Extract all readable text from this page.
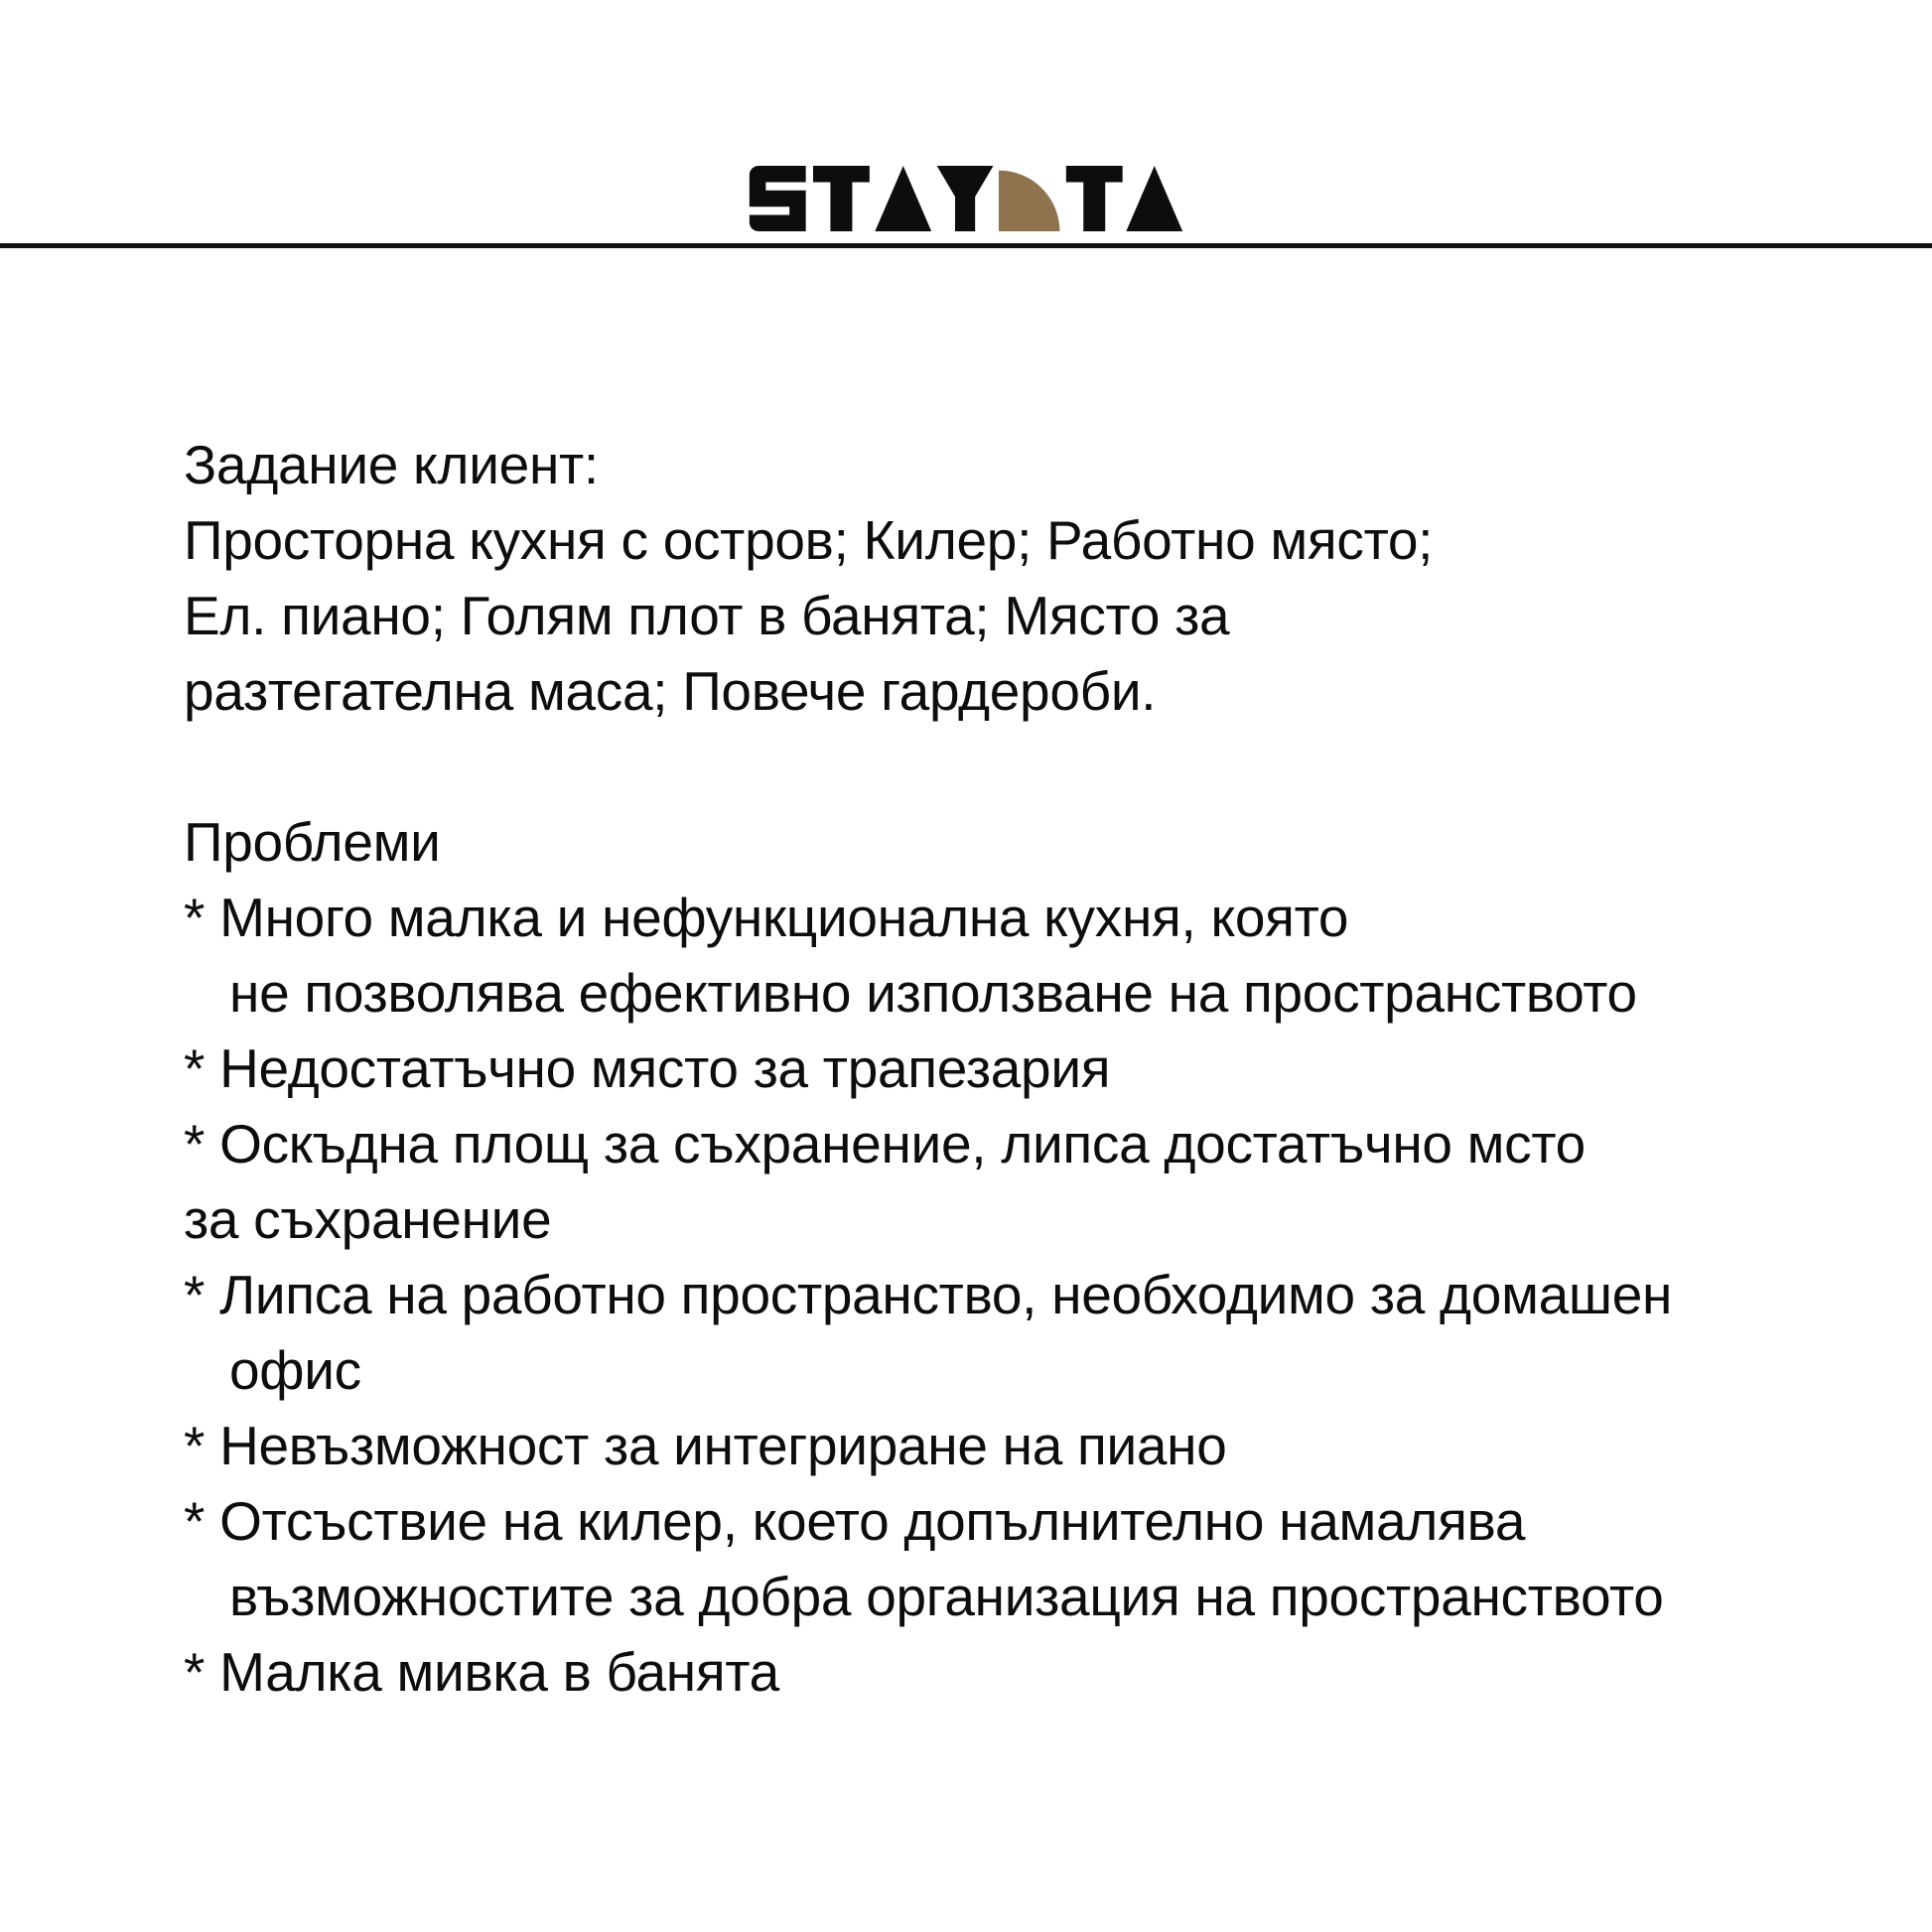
Задание клиент:
Просторна кухня с остров; Килер; Работно място;
Ел. пиано; Голям плот в банята; Място за
разтегателна маса; Повече гардероби.
Проблеми
* Много малка и нефункционална кухня, която
не позволява ефективно използване на пространството
* Недостатъчно място за трапезария
* Оскъдна площ за съхранение, липса достатъчно мсто
за съхранение
* Липса на работно пространство, необходимо за домашен
офис
* Невъзможност за интегриране на пиано
* Отсъствие на килер, което допълнително намалява
възможностите за добра организация на пространството
* Малка мивка в банята
